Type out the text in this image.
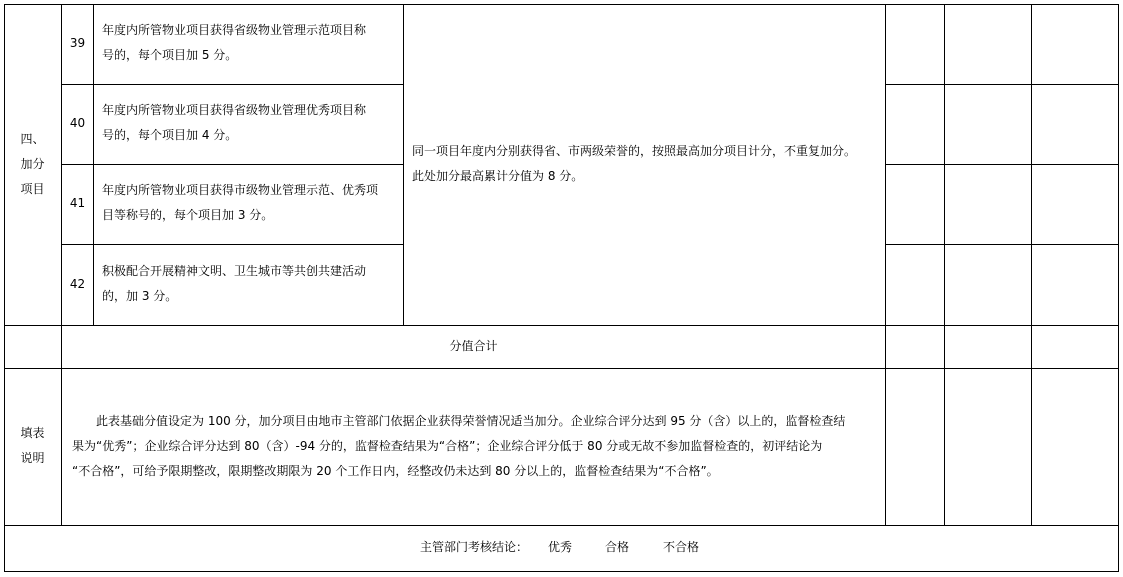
四、
加分
项目
39
年度内所管物业项目获得省级物业管理示范项目称
号的，每个项目加 5 分。
40
年度内所管物业项目获得省级物业管理优秀项目称
号的，每个项目加 4 分。
41
年度内所管物业项目获得市级物业管理示范、优秀项
目等称号的，每个项目加 3 分。
42
积极配合开展精神文明、卫生城市等共创共建活动
的，加 3 分。
同一项目年度内分别获得省、市两级荣誉的，按照最高加分项目计分，不重复加分。
此处加分最高累计分值为 8 分。
分值合计
填表
说明
此表基础分值设定为 100 分，加分项目由地市主管部门依据企业获得荣誉情况适当加分。企业综合评分达到 95 分（含）以上的，监督检查结
果为“优秀”；企业综合评分达到 80（含）-94 分的，监督检查结果为“合格”；企业综合评分低于 80 分或无故不参加监督检查的，初评结论为
“不合格”，可给予限期整改，限期整改期限为 20 个工作日内，经整改仍未达到 80 分以上的，监督检查结果为“不合格”。
主管部门考核结论： 优秀	合格	不合格
